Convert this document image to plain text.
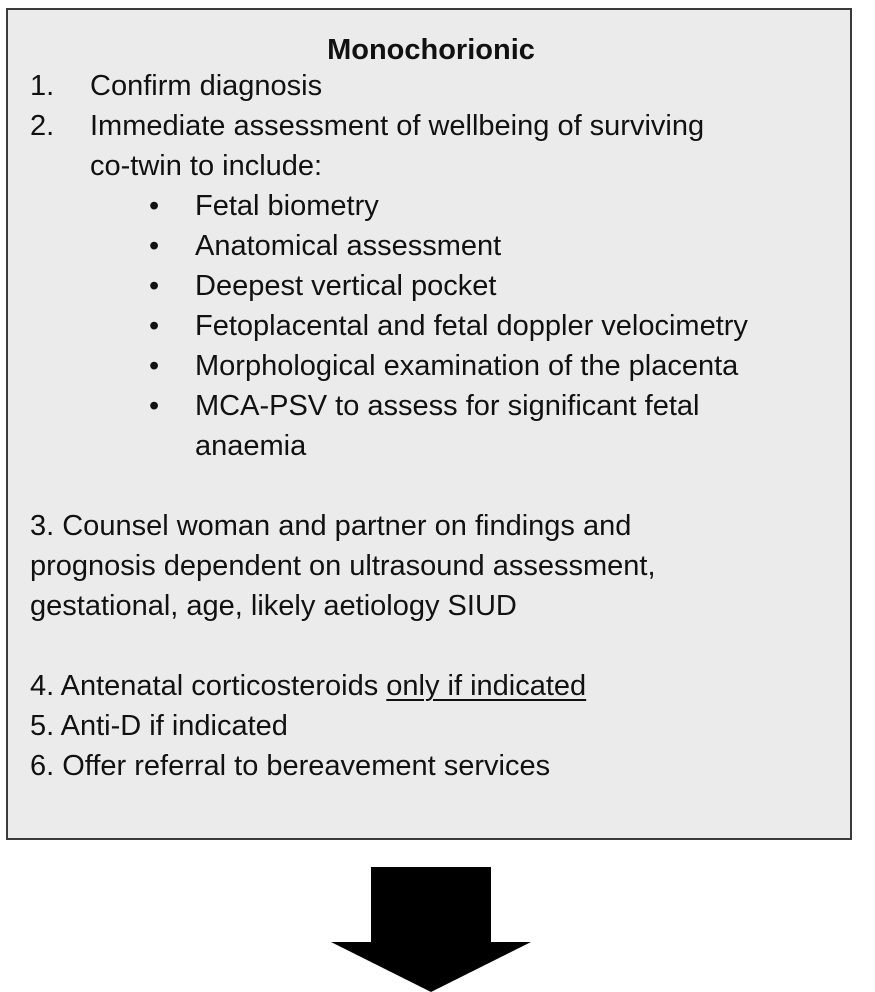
Monochorionic
1. Confirm diagnosis
2. Immediate assessment of wellbeing of surviving
co-twin to include:
• Fetal biometry
• Anatomical assessment
• Deepest vertical pocket
• Fetoplacental and fetal doppler velocimetry
• Morphological examination of the placenta
• MCA-PSV to assess for significant fetal
anaemia
3. Counsel woman and partner on findings and
prognosis dependent on ultrasound assessment,
gestational, age, likely aetiology SIUD
4. Antenatal corticosteroids only if indicated
5. Anti-D if indicated
6. Offer referral to bereavement services
